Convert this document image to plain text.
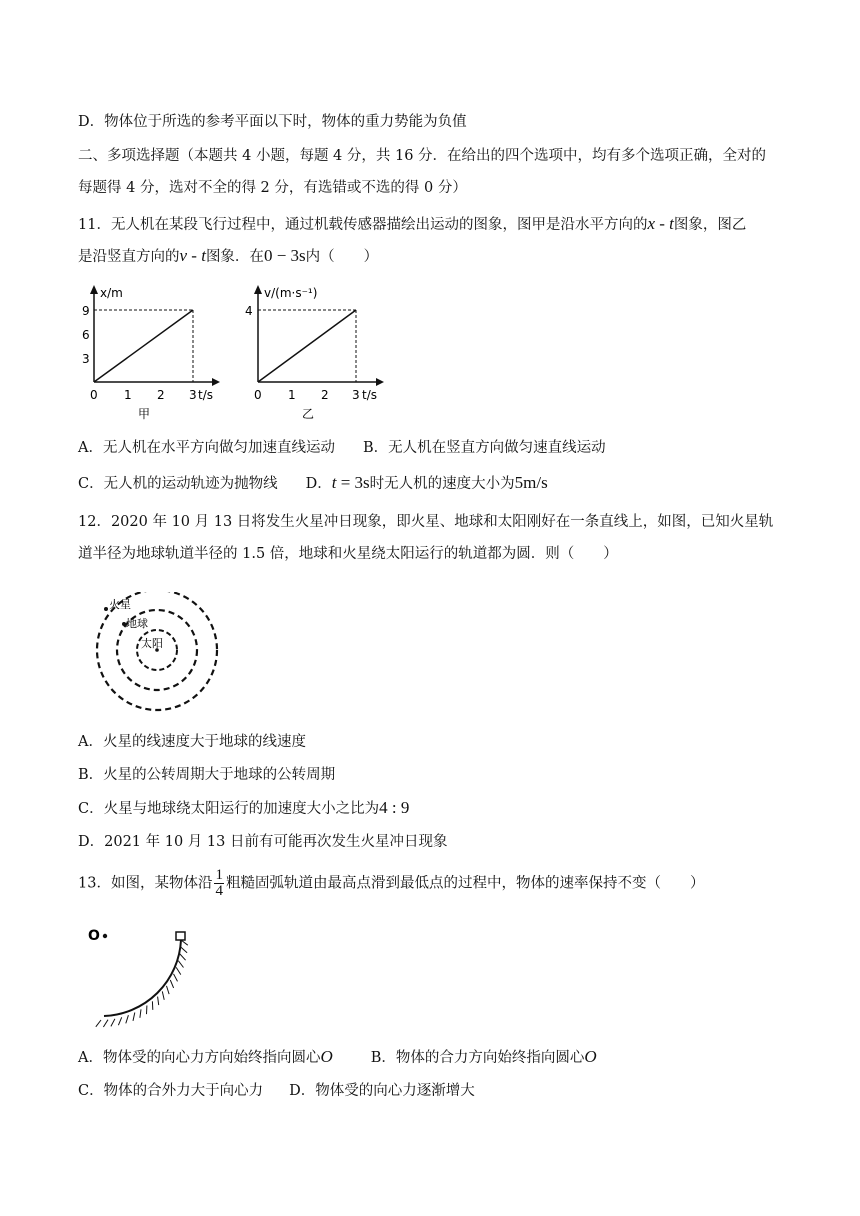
D．物体位于所选的参考平面以下时，物体的重力势能为负值
二、多项选择题（本题共 4 小题，每题 4 分，共 16 分．在给出的四个选项中，均有多个选项正确，全对的
每题得 4 分，选对不全的得 2 分，有选错或不选的得 0 分）
11．无人机在某段飞行过程中，通过机载传感器描绘出运动的图象，图甲是沿水平方向的x - t图象，图乙
是沿竖直方向的v - t图象．在0 − 3s内（　　）
x/m
9
6
3
0 1 2 3 t/s
甲
v/(m·s⁻¹)
4
0 1 2 3 t/s
乙
A．无人机在水平方向做匀加速直线运动 B．无人机在竖直方向做匀速直线运动
C．无人机的运动轨迹为抛物线 D．t = 3s时无人机的速度大小为5m/s
12．2020 年 10 月 13 日将发生火星冲日现象，即火星、地球和太阳刚好在一条直线上，如图，已知火星轨
道半径为地球轨道半径的 1.5 倍，地球和火星绕太阳运行的轨道都为圆．则（　　）
火星
地球
太阳
A．火星的线速度大于地球的线速度
B．火星的公转周期大于地球的公转周期
C．火星与地球绕太阳运行的加速度大小之比为4 : 9
D．2021 年 10 月 13 日前有可能再次发生火星冲日现象
13．如图，某物体沿 $\frac{1}{4}$ 粗糙固弧轨道由最高点滑到最低点的过程中，物体的速率保持不变（　　）
O
A．物体受的向心力方向始终指向圆心O	B．物体的合力方向始终指向圆心O
C．物体的合外力大于向心力 D．物体受的向心力逐渐增大
